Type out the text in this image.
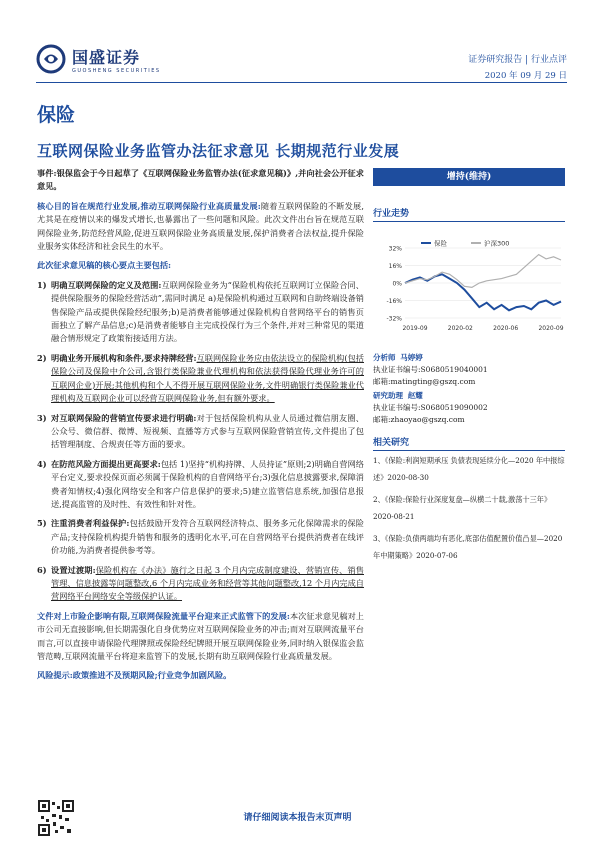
国盛证券
GUOSHENG SECURITIES
证券研究报告 | 行业点评
2020 年 09 月 29 日
保险
互联网保险业务监管办法征求意见 长期规范行业发展

事件:银保监会于今日起草了《互联网保险业务监管办法(征求意见稿)》,并向社会公开征求意见。

核心目的旨在规范行业发展,推动互联网保险行业高质量发展:随着互联网保险的不断发展,尤其是在疫情以来的爆发式增长,也暴露出了一些问题和风险。此次文件出台旨在规范互联网保险业务,防范经营风险,促进互联网保险业务高质量发展,保护消费者合法权益,提升保险业服务实体经济和社会民生的水平。

此次征求意见稿的核心要点主要包括:

1) 明确互联网保险的定义及范围:互联网保险业务为“保险机构依托互联网订立保险合同、提供保险服务的保险经营活动”,需同时满足 a)是保险机构通过互联网和自助终端设备销售保险产品或提供保险经纪服务;b)是消费者能够通过保险机构自营网络平台的销售页面独立了解产品信息;c)是消费者能够自主完成投保行为三个条件,并对三种常见的渠道融合情形规定了政策衔接适用方法。
2) 明确业务开展机构和条件,要求持牌经营:互联网保险业务应由依法设立的保险机构(包括保险公司及保险中介公司,含银行类保险兼业代理机构和依法获得保险代理业务许可的互联网企业)开展;其他机构和个人不得开展互联网保险业务,文件明确银行类保险兼业代理机构及互联网企业可以经营互联网保险业务,但有额外要求。
3) 对互联网保险的营销宣传要求进行明确:对于包括保险机构从业人员通过微信朋友圈、公众号、微信群、微博、短视频、直播等方式参与互联网保险营销宣传,文件提出了包括管理制度、合规责任等方面的要求。
4) 在防范风险方面提出更高要求:包括 1)坚持“机构持牌、人员持证”原则;2)明确自营网络平台定义,要求投保页面必须属于保险机构的自营网络平台;3)强化信息披露要求,保障消费者知情权;4)强化网络安全和客户信息保护的要求;5)建立监管信息系统,加强信息报送,提高监管的及时性、有效性和针对性。
5) 注重消费者利益保护:包括鼓励开发符合互联网经济特点、服务多元化保障需求的保险产品;支持保险机构提升销售和服务的透明化水平,可在自营网络平台提供消费者在线评价功能,为消费者提供参考等。
6) 设置过渡期:保险机构在《办法》施行之日起 3 个月内完成制度建设、营销宣传、销售管理、信息披露等问题整改,6 个月内完成业务和经营等其他问题整改,12 个月内完成自营网络平台网络安全等级保护认证。

文件对上市险企影响有限,互联网保险流量平台迎来正式监管下的发展:本次征求意见稿对上市公司无直接影响,但长期需强化自身优势应对互联网保险业务的冲击;而对互联网流量平台而言,可以直接申请保险代理牌照或保险经纪牌照开展互联网保险业务,同时纳入银保监会监管范畴,互联网流量平台将迎来监管下的发展,长期有助互联网保险行业高质量发展。

风险提示:政策推进不及预期风险;行业竞争加剧风险。

增持(维持)
行业走势
32%
16%
0%
-16%
-32%
2019-09	2020-02	2020-06	2020-09
保险	沪深300
分析师 马婷婷
执业证书编号:S0680519040001
邮箱:matingting@gszq.com
研究助理 赵耀
执业证书编号:S0680519090002
邮箱:zhaoyao@gszq.com
相关研究
1、《保险:利润短期承压 负债表现延续分化—2020 年中报综述》2020-08-30
2、《保险:保险行业深度复盘—纵横二十载,激荡十三年》2020-08-21
3、《保险:负债两端均有恶化,底部估值配置价值凸显—2020 年中期策略》2020-07-06
请仔细阅读本报告末页声明
